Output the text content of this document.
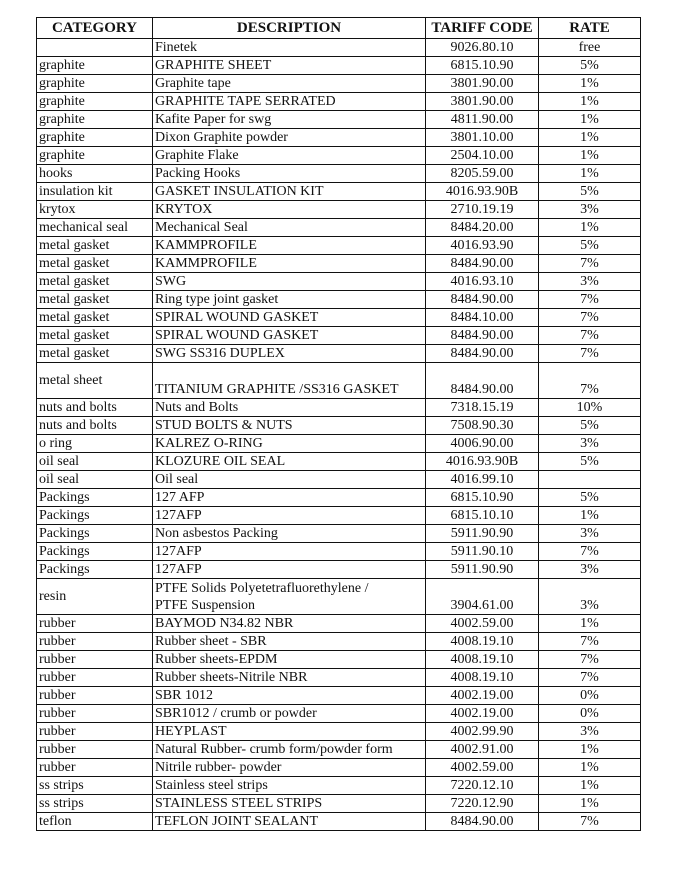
CATEGORY	DESCRIPTION	TARIFF CODE	RATE
	Finetek	9026.80.10	free
graphite	GRAPHITE SHEET	6815.10.90	5%
graphite	Graphite tape	3801.90.00	1%
graphite	GRAPHITE TAPE SERRATED	3801.90.00	1%
graphite	Kafite Paper for swg	4811.90.00	1%
graphite	Dixon Graphite powder	3801.10.00	1%
graphite	Graphite Flake	2504.10.00	1%
hooks	Packing Hooks	8205.59.00	1%
insulation kit	GASKET INSULATION KIT	4016.93.90B	5%
krytox	KRYTOX	2710.19.19	3%
mechanical seal	Mechanical Seal	8484.20.00	1%
metal gasket	KAMMPROFILE	4016.93.90	5%
metal gasket	KAMMPROFILE	8484.90.00	7%
metal gasket	SWG	4016.93.10	3%
metal gasket	Ring type joint gasket	8484.90.00	7%
metal gasket	SPIRAL WOUND GASKET	8484.10.00	7%
metal gasket	SPIRAL WOUND GASKET	8484.90.00	7%
metal gasket	SWG SS316 DUPLEX	8484.90.00	7%
metal sheet	TITANIUM GRAPHITE /SS316 GASKET	8484.90.00	7%
nuts and bolts	Nuts and Bolts	7318.15.19	10%
nuts and bolts	STUD BOLTS & NUTS	7508.90.30	5%
o ring	KALREZ O-RING	4006.90.00	3%
oil seal	KLOZURE OIL SEAL	4016.93.90B	5%
oil seal	Oil seal	4016.99.10	
Packings	127 AFP	6815.10.90	5%
Packings	127AFP	6815.10.10	1%
Packings	Non asbestos Packing	5911.90.90	3%
Packings	127AFP	5911.90.10	7%
Packings	127AFP	5911.90.90	3%
resin	PTFE Solids Polyetetrafluorethylene /
PTFE Suspension	3904.61.00	3%
rubber	BAYMOD N34.82 NBR	4002.59.00	1%
rubber	Rubber sheet - SBR	4008.19.10	7%
rubber	Rubber sheets-EPDM	4008.19.10	7%
rubber	Rubber sheets-Nitrile NBR	4008.19.10	7%
rubber	SBR 1012	4002.19.00	0%
rubber	SBR1012 / crumb or powder	4002.19.00	0%
rubber	HEYPLAST	4002.99.90	3%
rubber	Natural Rubber- crumb form/powder form	4002.91.00	1%
rubber	Nitrile rubber- powder	4002.59.00	1%
ss strips	Stainless steel strips	7220.12.10	1%
ss strips	STAINLESS STEEL STRIPS	7220.12.90	1%
teflon	TEFLON JOINT SEALANT	8484.90.00	7%
